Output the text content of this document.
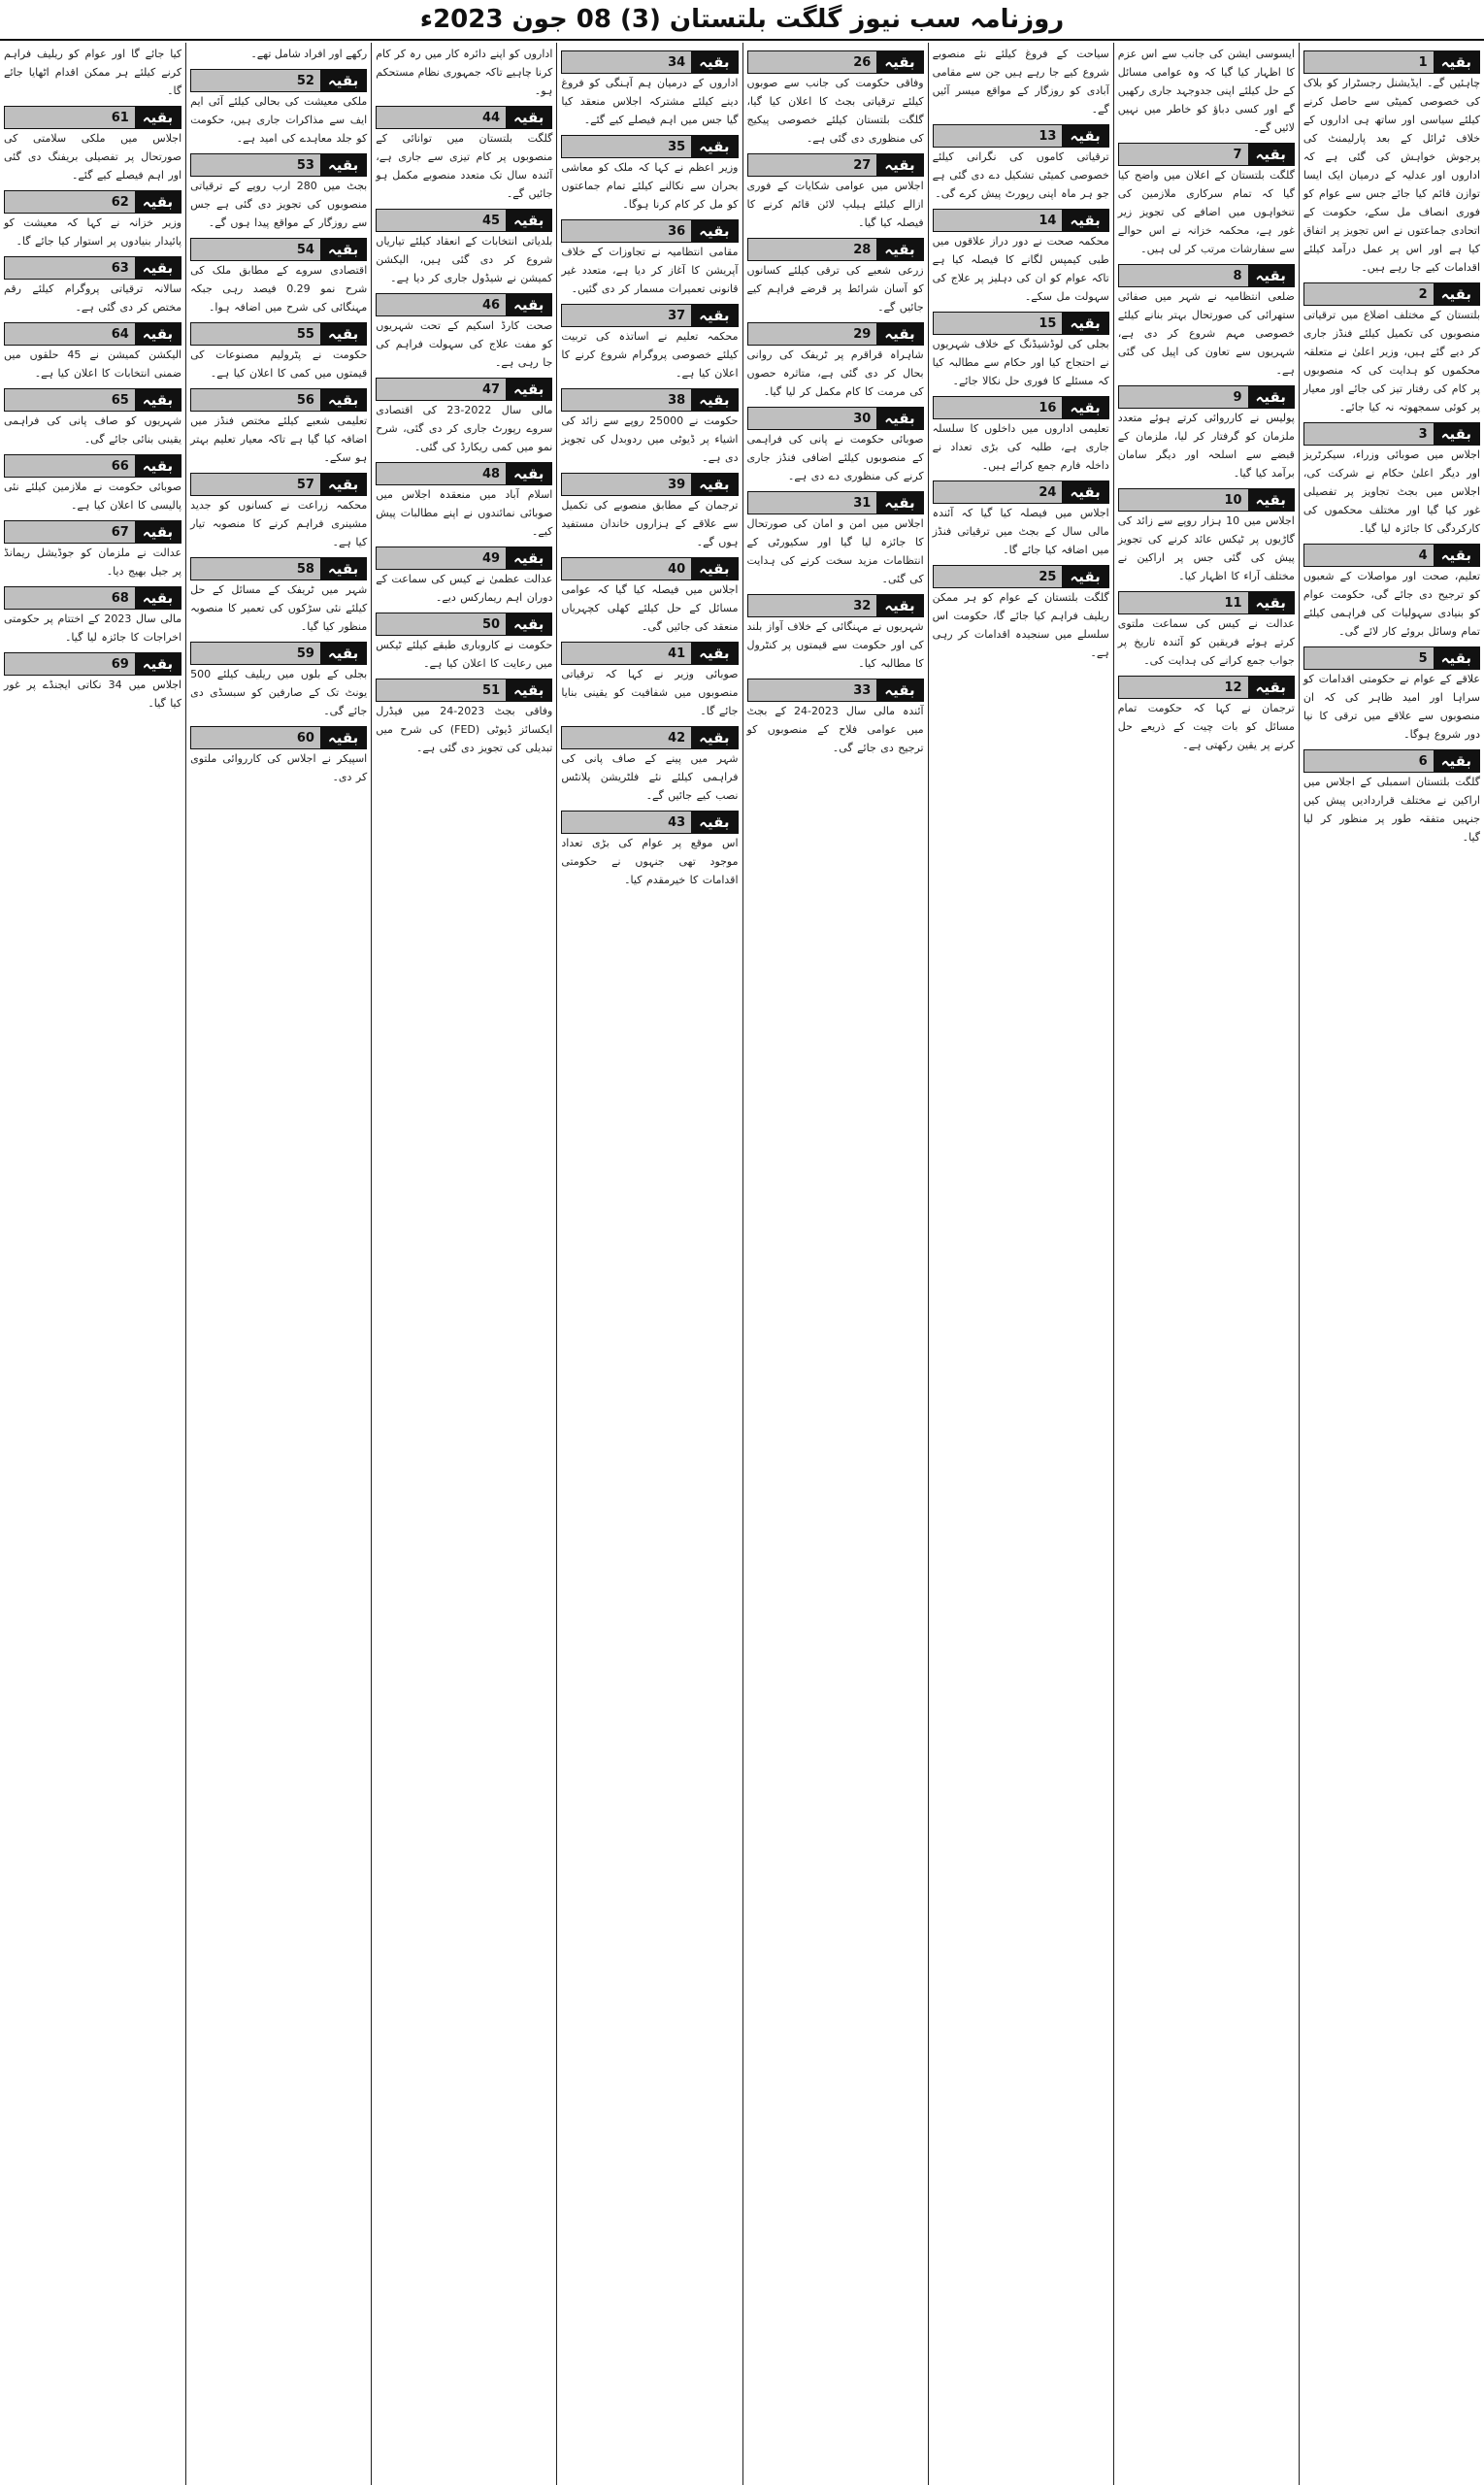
روزنامہ سب نیوز گلگت بلتستان (3) 08 جون 2023ء
بقیہ
1

چاہئیں گے۔ ایڈیشنل رجسٹرار کو بلاک کی خصوصی کمیٹی سے حاصل کرنے کیلئے سیاسی اور ساتھ ہی اداروں کے خلاف ٹرائل کے بعد پارلیمنٹ کی پرجوش خواہش کی گئی ہے کہ اداروں اور عدلیہ کے درمیان ایک ایسا توازن قائم کیا جائے جس سے عوام کو فوری انصاف مل سکے، حکومت کے اتحادی جماعتوں نے اس تجویز پر اتفاق کیا ہے اور اس پر عمل درآمد کیلئے اقدامات کیے جا رہے ہیں۔

بقیہ
2

بلتستان کے مختلف اضلاع میں ترقیاتی منصوبوں کی تکمیل کیلئے فنڈز جاری کر دیے گئے ہیں، وزیر اعلیٰ نے متعلقہ محکموں کو ہدایت کی کہ منصوبوں پر کام کی رفتار تیز کی جائے اور معیار پر کوئی سمجھوتہ نہ کیا جائے۔

بقیہ
3

اجلاس میں صوبائی وزراء، سیکرٹریز اور دیگر اعلیٰ حکام نے شرکت کی، اجلاس میں بجٹ تجاویز پر تفصیلی غور کیا گیا اور مختلف محکموں کی کارکردگی کا جائزہ لیا گیا۔

بقیہ
4

تعلیم، صحت اور مواصلات کے شعبوں کو ترجیح دی جائے گی، حکومت عوام کو بنیادی سہولیات کی فراہمی کیلئے تمام وسائل بروئے کار لائے گی۔

بقیہ
5

علاقے کے عوام نے حکومتی اقدامات کو سراہا اور امید ظاہر کی کہ ان منصوبوں سے علاقے میں ترقی کا نیا دور شروع ہوگا۔

بقیہ
6

گلگت بلتستان اسمبلی کے اجلاس میں اراکین نے مختلف قراردادیں پیش کیں جنہیں متفقہ طور پر منظور کر لیا گیا۔

ایسوسی ایشن کی جانب سے اس عزم کا اظہار کیا گیا کہ وہ عوامی مسائل کے حل کیلئے اپنی جدوجہد جاری رکھیں گے اور کسی دباؤ کو خاطر میں نہیں لائیں گے۔

بقیہ
7

گلگت بلتستان کے اعلان میں واضح کیا گیا کہ تمام سرکاری ملازمین کی تنخواہوں میں اضافے کی تجویز زیر غور ہے، محکمہ خزانہ نے اس حوالے سے سفارشات مرتب کر لی ہیں۔

بقیہ
8

ضلعی انتظامیہ نے شہر میں صفائی ستھرائی کی صورتحال بہتر بنانے کیلئے خصوصی مہم شروع کر دی ہے، شہریوں سے تعاون کی اپیل کی گئی ہے۔

بقیہ
9

پولیس نے کارروائی کرتے ہوئے متعدد ملزمان کو گرفتار کر لیا، ملزمان کے قبضے سے اسلحہ اور دیگر سامان برآمد کیا گیا۔

بقیہ
10

اجلاس میں 10 ہزار روپے سے زائد کی گاڑیوں پر ٹیکس عائد کرنے کی تجویز پیش کی گئی جس پر اراکین نے مختلف آراء کا اظہار کیا۔

بقیہ
11

عدالت نے کیس کی سماعت ملتوی کرتے ہوئے فریقین کو آئندہ تاریخ پر جواب جمع کرانے کی ہدایت کی۔

بقیہ
12

ترجمان نے کہا کہ حکومت تمام مسائل کو بات چیت کے ذریعے حل کرنے پر یقین رکھتی ہے۔

سیاحت کے فروغ کیلئے نئے منصوبے شروع کیے جا رہے ہیں جن سے مقامی آبادی کو روزگار کے مواقع میسر آئیں گے۔

بقیہ
13

ترقیاتی کاموں کی نگرانی کیلئے خصوصی کمیٹی تشکیل دے دی گئی ہے جو ہر ماہ اپنی رپورٹ پیش کرے گی۔

بقیہ
14

محکمہ صحت نے دور دراز علاقوں میں طبی کیمپس لگانے کا فیصلہ کیا ہے تاکہ عوام کو ان کی دہلیز پر علاج کی سہولت مل سکے۔

بقیہ
15

بجلی کی لوڈشیڈنگ کے خلاف شہریوں نے احتجاج کیا اور حکام سے مطالبہ کیا کہ مسئلے کا فوری حل نکالا جائے۔

بقیہ
16

تعلیمی اداروں میں داخلوں کا سلسلہ جاری ہے، طلبہ کی بڑی تعداد نے داخلہ فارم جمع کرائے ہیں۔

بقیہ
24

اجلاس میں فیصلہ کیا گیا کہ آئندہ مالی سال کے بجٹ میں ترقیاتی فنڈز میں اضافہ کیا جائے گا۔

بقیہ
25

گلگت بلتستان کے عوام کو ہر ممکن ریلیف فراہم کیا جائے گا، حکومت اس سلسلے میں سنجیدہ اقدامات کر رہی ہے۔

بقیہ
26

وفاقی حکومت کی جانب سے صوبوں کیلئے ترقیاتی بجٹ کا اعلان کیا گیا، گلگت بلتستان کیلئے خصوصی پیکیج کی منظوری دی گئی ہے۔

بقیہ
27

اجلاس میں عوامی شکایات کے فوری ازالے کیلئے ہیلپ لائن قائم کرنے کا فیصلہ کیا گیا۔

بقیہ
28

زرعی شعبے کی ترقی کیلئے کسانوں کو آسان شرائط پر قرضے فراہم کیے جائیں گے۔

بقیہ
29

شاہراہ قراقرم پر ٹریفک کی روانی بحال کر دی گئی ہے، متاثرہ حصوں کی مرمت کا کام مکمل کر لیا گیا۔

بقیہ
30

صوبائی حکومت نے پانی کی فراہمی کے منصوبوں کیلئے اضافی فنڈز جاری کرنے کی منظوری دے دی ہے۔

بقیہ
31

اجلاس میں امن و امان کی صورتحال کا جائزہ لیا گیا اور سکیورٹی کے انتظامات مزید سخت کرنے کی ہدایت کی گئی۔

بقیہ
32

شہریوں نے مہنگائی کے خلاف آواز بلند کی اور حکومت سے قیمتوں پر کنٹرول کا مطالبہ کیا۔

بقیہ
33

آئندہ مالی سال 2023-24 کے بجٹ میں عوامی فلاح کے منصوبوں کو ترجیح دی جائے گی۔

بقیہ
34

اداروں کے درمیان ہم آہنگی کو فروغ دینے کیلئے مشترکہ اجلاس منعقد کیا گیا جس میں اہم فیصلے کیے گئے۔

بقیہ
35

وزیر اعظم نے کہا کہ ملک کو معاشی بحران سے نکالنے کیلئے تمام جماعتوں کو مل کر کام کرنا ہوگا۔

بقیہ
36

مقامی انتظامیہ نے تجاوزات کے خلاف آپریشن کا آغاز کر دیا ہے، متعدد غیر قانونی تعمیرات مسمار کر دی گئیں۔

بقیہ
37

محکمہ تعلیم نے اساتذہ کی تربیت کیلئے خصوصی پروگرام شروع کرنے کا اعلان کیا ہے۔

بقیہ
38

حکومت نے 25000 روپے سے زائد کی اشیاء پر ڈیوٹی میں ردوبدل کی تجویز دی ہے۔

بقیہ
39

ترجمان کے مطابق منصوبے کی تکمیل سے علاقے کے ہزاروں خاندان مستفید ہوں گے۔

بقیہ
40

اجلاس میں فیصلہ کیا گیا کہ عوامی مسائل کے حل کیلئے کھلی کچہریاں منعقد کی جائیں گی۔

بقیہ
41

صوبائی وزیر نے کہا کہ ترقیاتی منصوبوں میں شفافیت کو یقینی بنایا جائے گا۔

بقیہ
42

شہر میں پینے کے صاف پانی کی فراہمی کیلئے نئے فلٹریشن پلانٹس نصب کیے جائیں گے۔

بقیہ
43

اس موقع پر عوام کی بڑی تعداد موجود تھی جنہوں نے حکومتی اقدامات کا خیرمقدم کیا۔

اداروں کو اپنے دائرہ کار میں رہ کر کام کرنا چاہیے تاکہ جمہوری نظام مستحکم ہو۔

بقیہ
44

گلگت بلتستان میں توانائی کے منصوبوں پر کام تیزی سے جاری ہے، آئندہ سال تک متعدد منصوبے مکمل ہو جائیں گے۔

بقیہ
45

بلدیاتی انتخابات کے انعقاد کیلئے تیاریاں شروع کر دی گئی ہیں، الیکشن کمیشن نے شیڈول جاری کر دیا ہے۔

بقیہ
46

صحت کارڈ اسکیم کے تحت شہریوں کو مفت علاج کی سہولت فراہم کی جا رہی ہے۔

بقیہ
47

مالی سال 2022-23 کی اقتصادی سروے رپورٹ جاری کر دی گئی، شرح نمو میں کمی ریکارڈ کی گئی۔

بقیہ
48

اسلام آباد میں منعقدہ اجلاس میں صوبائی نمائندوں نے اپنے مطالبات پیش کیے۔

بقیہ
49

عدالت عظمیٰ نے کیس کی سماعت کے دوران اہم ریمارکس دیے۔

بقیہ
50

حکومت نے کاروباری طبقے کیلئے ٹیکس میں رعایت کا اعلان کیا ہے۔

بقیہ
51

وفاقی بجٹ 2023-24 میں فیڈرل ایکسائز ڈیوٹی (FED) کی شرح میں تبدیلی کی تجویز دی گئی ہے۔

رکھے اور افراد شامل تھے۔

بقیہ
52

ملکی معیشت کی بحالی کیلئے آئی ایم ایف سے مذاکرات جاری ہیں، حکومت کو جلد معاہدے کی امید ہے۔

بقیہ
53

بجٹ میں 280 ارب روپے کے ترقیاتی منصوبوں کی تجویز دی گئی ہے جس سے روزگار کے مواقع پیدا ہوں گے۔

بقیہ
54

اقتصادی سروے کے مطابق ملک کی شرح نمو 0.29 فیصد رہی جبکہ مہنگائی کی شرح میں اضافہ ہوا۔

بقیہ
55

حکومت نے پٹرولیم مصنوعات کی قیمتوں میں کمی کا اعلان کیا ہے۔

بقیہ
56

تعلیمی شعبے کیلئے مختص فنڈز میں اضافہ کیا گیا ہے تاکہ معیار تعلیم بہتر ہو سکے۔

بقیہ
57

محکمہ زراعت نے کسانوں کو جدید مشینری فراہم کرنے کا منصوبہ تیار کیا ہے۔

بقیہ
58

شہر میں ٹریفک کے مسائل کے حل کیلئے نئی سڑکوں کی تعمیر کا منصوبہ منظور کیا گیا۔

بقیہ
59

بجلی کے بلوں میں ریلیف کیلئے 500 یونٹ تک کے صارفین کو سبسڈی دی جائے گی۔

بقیہ
60

اسپیکر نے اجلاس کی کارروائی ملتوی کر دی۔

کیا جائے گا اور عوام کو ریلیف فراہم کرنے کیلئے ہر ممکن اقدام اٹھایا جائے گا۔

بقیہ
61

اجلاس میں ملکی سلامتی کی صورتحال پر تفصیلی بریفنگ دی گئی اور اہم فیصلے کیے گئے۔

بقیہ
62

وزیر خزانہ نے کہا کہ معیشت کو پائیدار بنیادوں پر استوار کیا جائے گا۔

بقیہ
63

سالانہ ترقیاتی پروگرام کیلئے رقم مختص کر دی گئی ہے۔

بقیہ
64

الیکشن کمیشن نے 45 حلقوں میں ضمنی انتخابات کا اعلان کیا ہے۔

بقیہ
65

شہریوں کو صاف پانی کی فراہمی یقینی بنائی جائے گی۔

بقیہ
66

صوبائی حکومت نے ملازمین کیلئے نئی پالیسی کا اعلان کیا ہے۔

بقیہ
67

عدالت نے ملزمان کو جوڈیشل ریمانڈ پر جیل بھیج دیا۔

بقیہ
68

مالی سال 2023 کے اختتام پر حکومتی اخراجات کا جائزہ لیا گیا۔

بقیہ
69

اجلاس میں 34 نکاتی ایجنڈے پر غور کیا گیا۔
